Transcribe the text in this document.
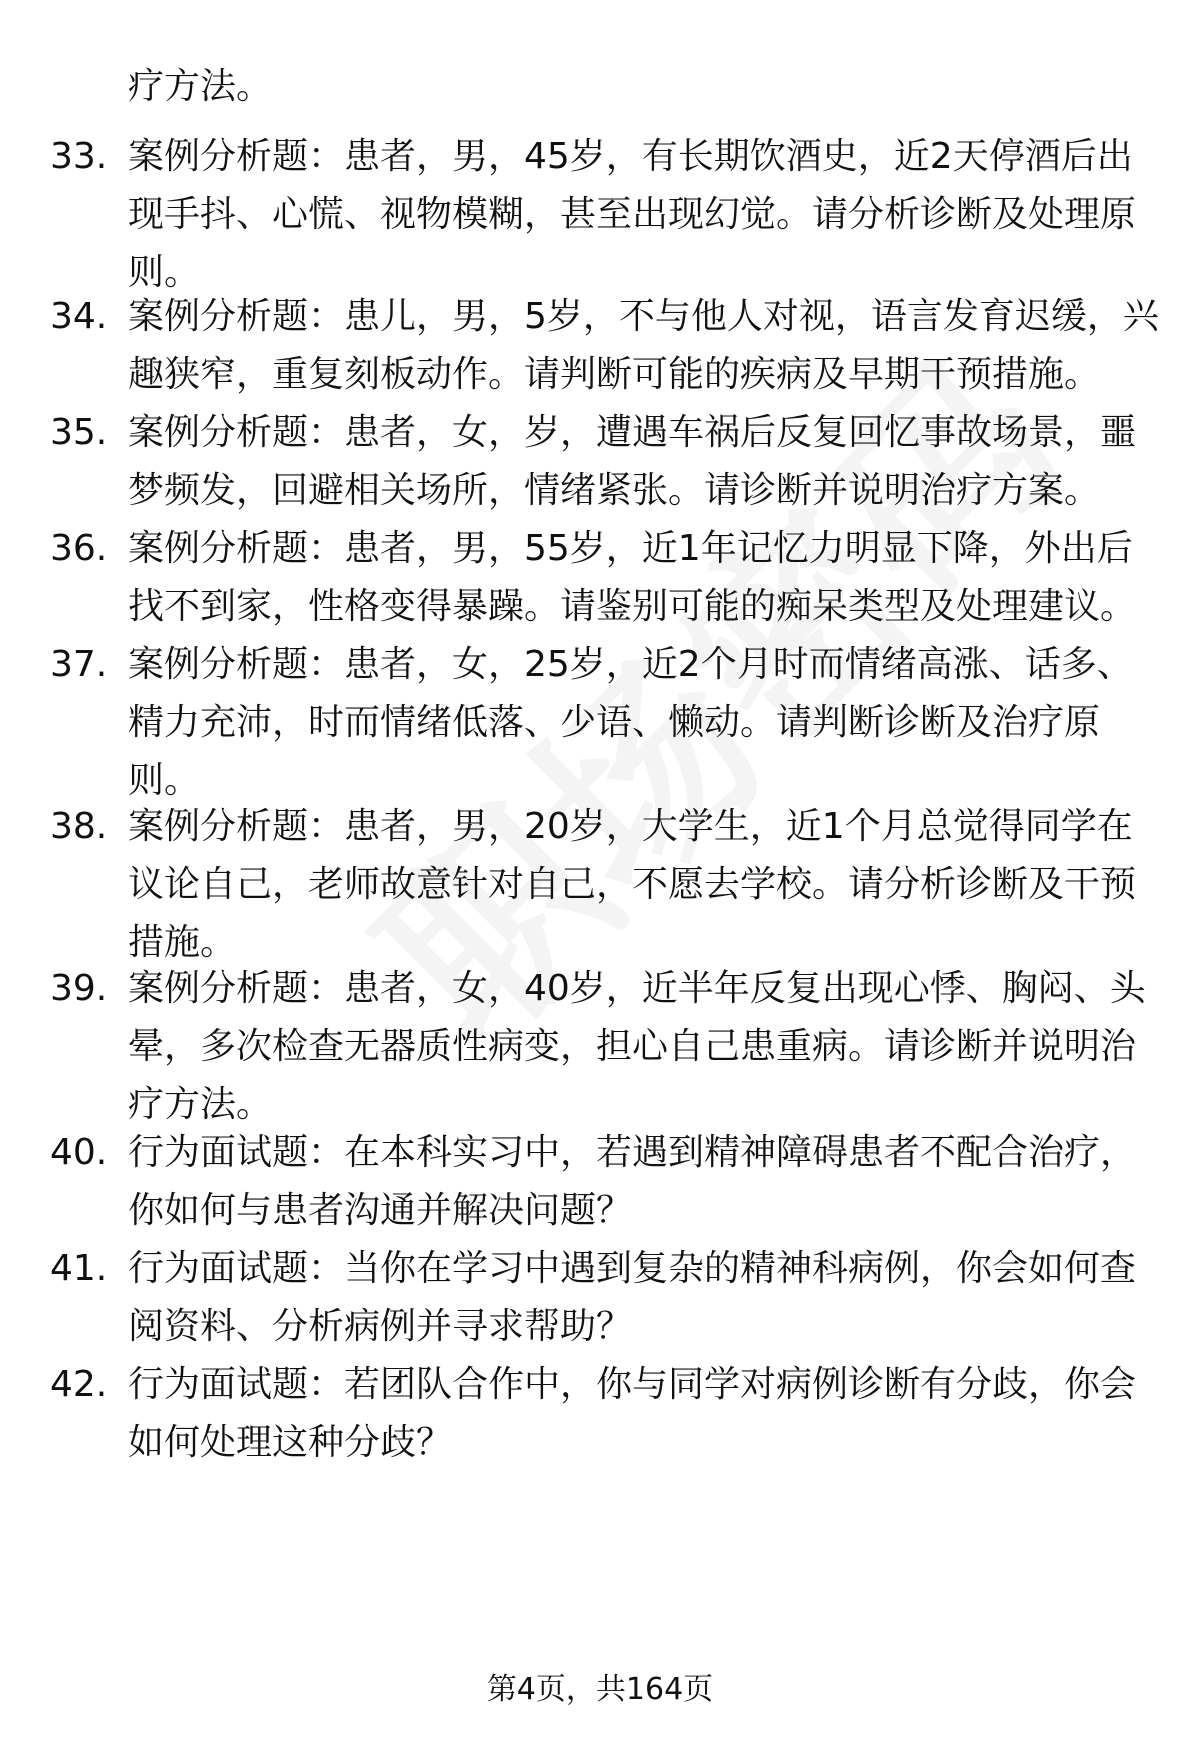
疗方法。
33. 案例分析题：患者，男，45岁，有长期饮酒史，近2天停酒后出
现手抖、心慌、视物模糊，甚至出现幻觉。请分析诊断及处理原
则。
34. 案例分析题：患儿，男，5岁，不与他人对视，语言发育迟缓，兴
趣狭窄，重复刻板动作。请判断可能的疾病及早期干预措施。
35. 案例分析题：患者，女，岁，遭遇车祸后反复回忆事故场景，噩
梦频发，回避相关场所，情绪紧张。请诊断并说明治疗方案。
36. 案例分析题：患者，男，55岁，近1年记忆力明显下降，外出后
找不到家，性格变得暴躁。请鉴别可能的痴呆类型及处理建议。
37. 案例分析题：患者，女，25岁，近2个月时而情绪高涨、话多、
精力充沛，时而情绪低落、少语、懒动。请判断诊断及治疗原
则。
38. 案例分析题：患者，男，20岁，大学生，近1个月总觉得同学在
议论自己，老师故意针对自己，不愿去学校。请分析诊断及干预
措施。
39. 案例分析题：患者，女，40岁，近半年反复出现心悸、胸闷、头
晕，多次检查无器质性病变，担心自己患重病。请诊断并说明治
疗方法。
40. 行为面试题：在本科实习中，若遇到精神障碍患者不配合治疗，
你如何与患者沟通并解决问题？
41. 行为面试题：当你在学习中遇到复杂的精神科病例，你会如何查
阅资料、分析病例并寻求帮助？
42. 行为面试题：若团队合作中，你与同学对病例诊断有分歧，你会
如何处理这种分歧？
第4页，共164页
